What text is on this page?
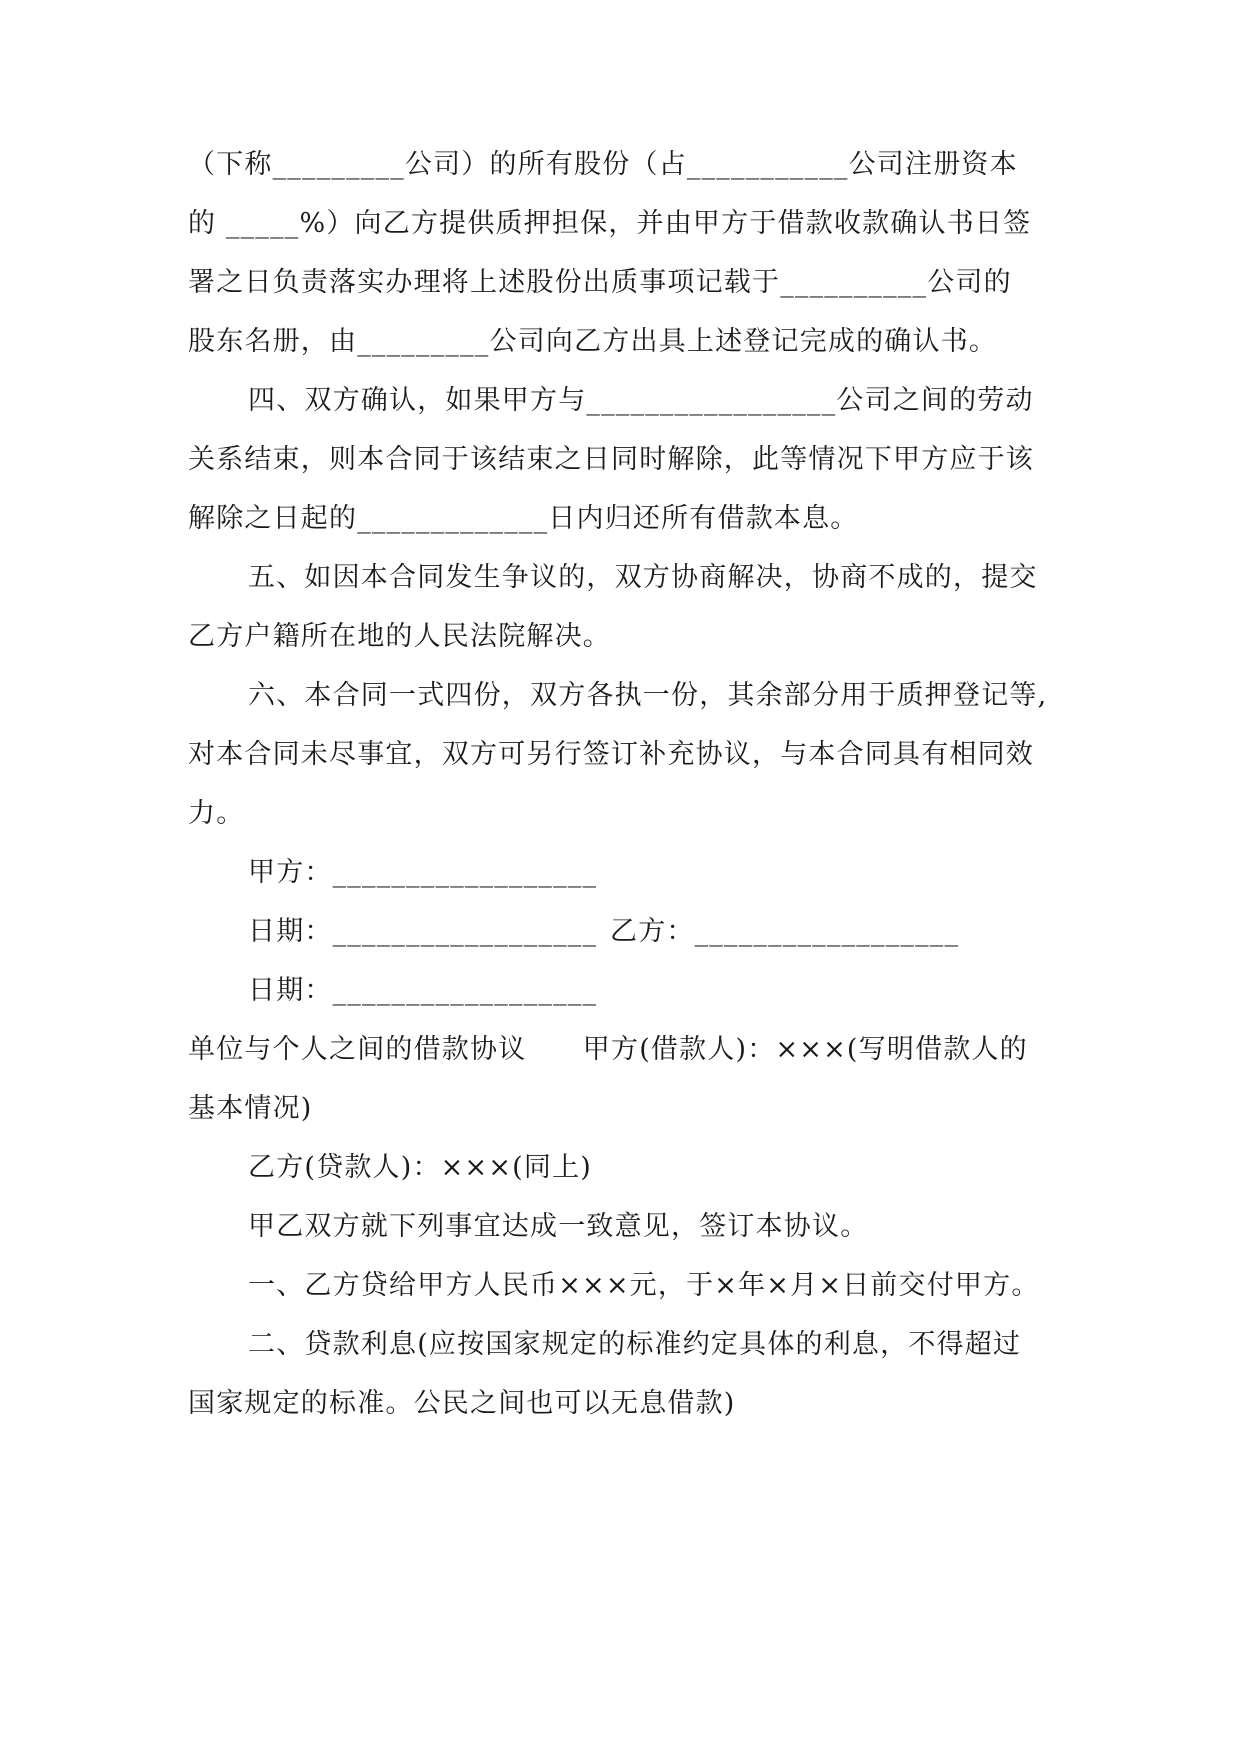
（下称_________公司）的所有股份（占___________公司注册资本
的 _____%）向乙方提供质押担保，并由甲方于借款收款确认书日签
署之日负责落实办理将上述股份出质事项记载于__________公司的
股东名册，由_________公司向乙方出具上述登记完成的确认书。
四、双方确认，如果甲方与_________________公司之间的劳动
关系结束，则本合同于该结束之日同时解除，此等情况下甲方应于该
解除之日起的_____________日内归还所有借款本息。
五、如因本合同发生争议的，双方协商解决，协商不成的，提交
乙方户籍所在地的人民法院解决。
六、本合同一式四份，双方各执一份，其余部分用于质押登记等,
对本合同未尽事宜，双方可另行签订补充协议，与本合同具有相同效
力。
甲方：__________________
日期：__________________ 乙方：__________________
日期：__________________
单位与个人之间的借款协议　　甲方(借款人)：×××(写明借款人的
基本情况)
乙方(贷款人)：×××(同上)
甲乙双方就下列事宜达成一致意见，签订本协议。
一、乙方贷给甲方人民币×××元，于×年×月×日前交付甲方。
二、贷款利息(应按国家规定的标准约定具体的利息，不得超过
国家规定的标准。公民之间也可以无息借款)
